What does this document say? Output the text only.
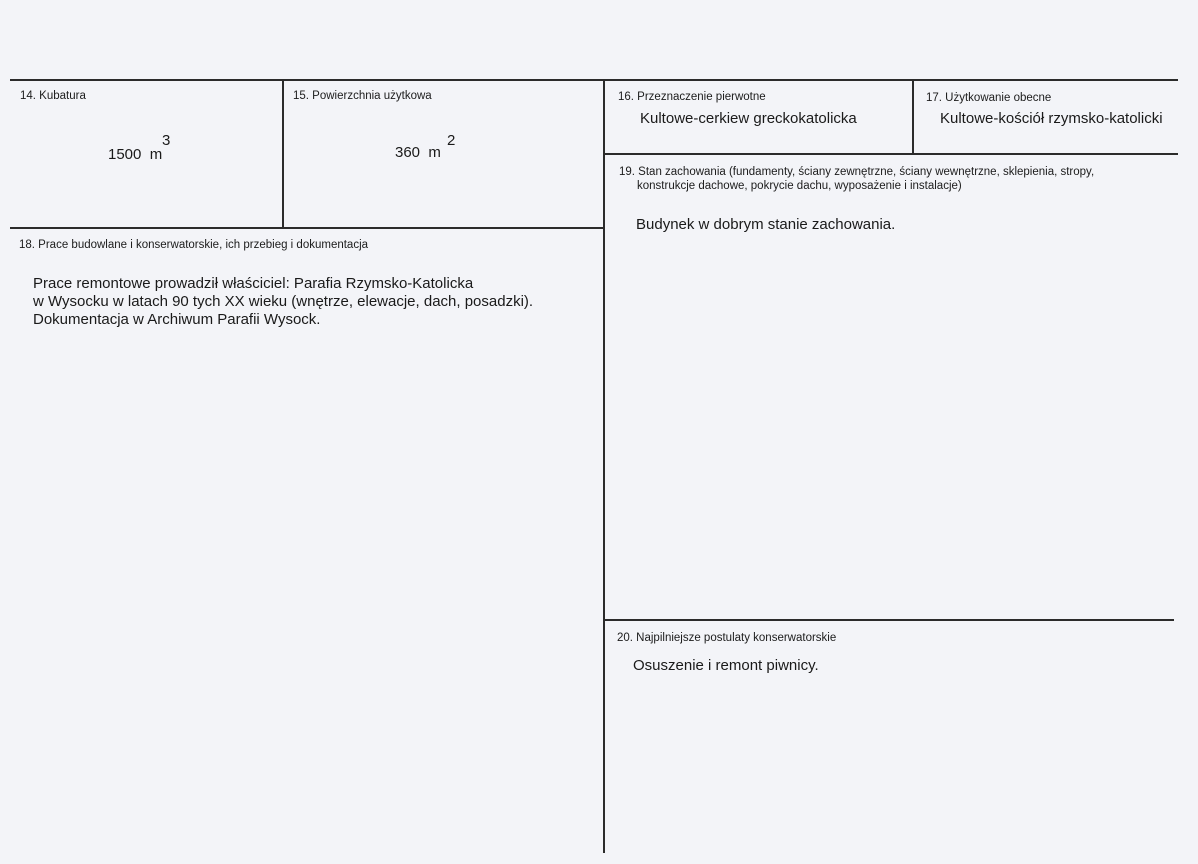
14. Kubatura
1500 m
3
15. Powierzchnia użytkowa
360 m
2
16. Przeznaczenie pierwotne
Kultowe-cerkiew greckokatolicka
17. Użytkowanie obecne
Kultowe-kościół rzymsko-katolicki
18. Prace budowlane i konserwatorskie, ich przebieg i dokumentacja
Prace remontowe prowadził właściciel: Parafia Rzymsko-Katolicka
w Wysocku w latach 90 tych XX wieku (wnętrze, elewacje, dach, posadzki).
Dokumentacja w Archiwum Parafii Wysock.
19. Stan zachowania (fundamenty, ściany zewnętrzne, ściany wewnętrzne, sklepienia, stropy,
konstrukcje dachowe, pokrycie dachu, wyposażenie i instalacje)
Budynek w dobrym stanie zachowania.
20. Najpilniejsze postulaty konserwatorskie
Osuszenie i remont piwnicy.
